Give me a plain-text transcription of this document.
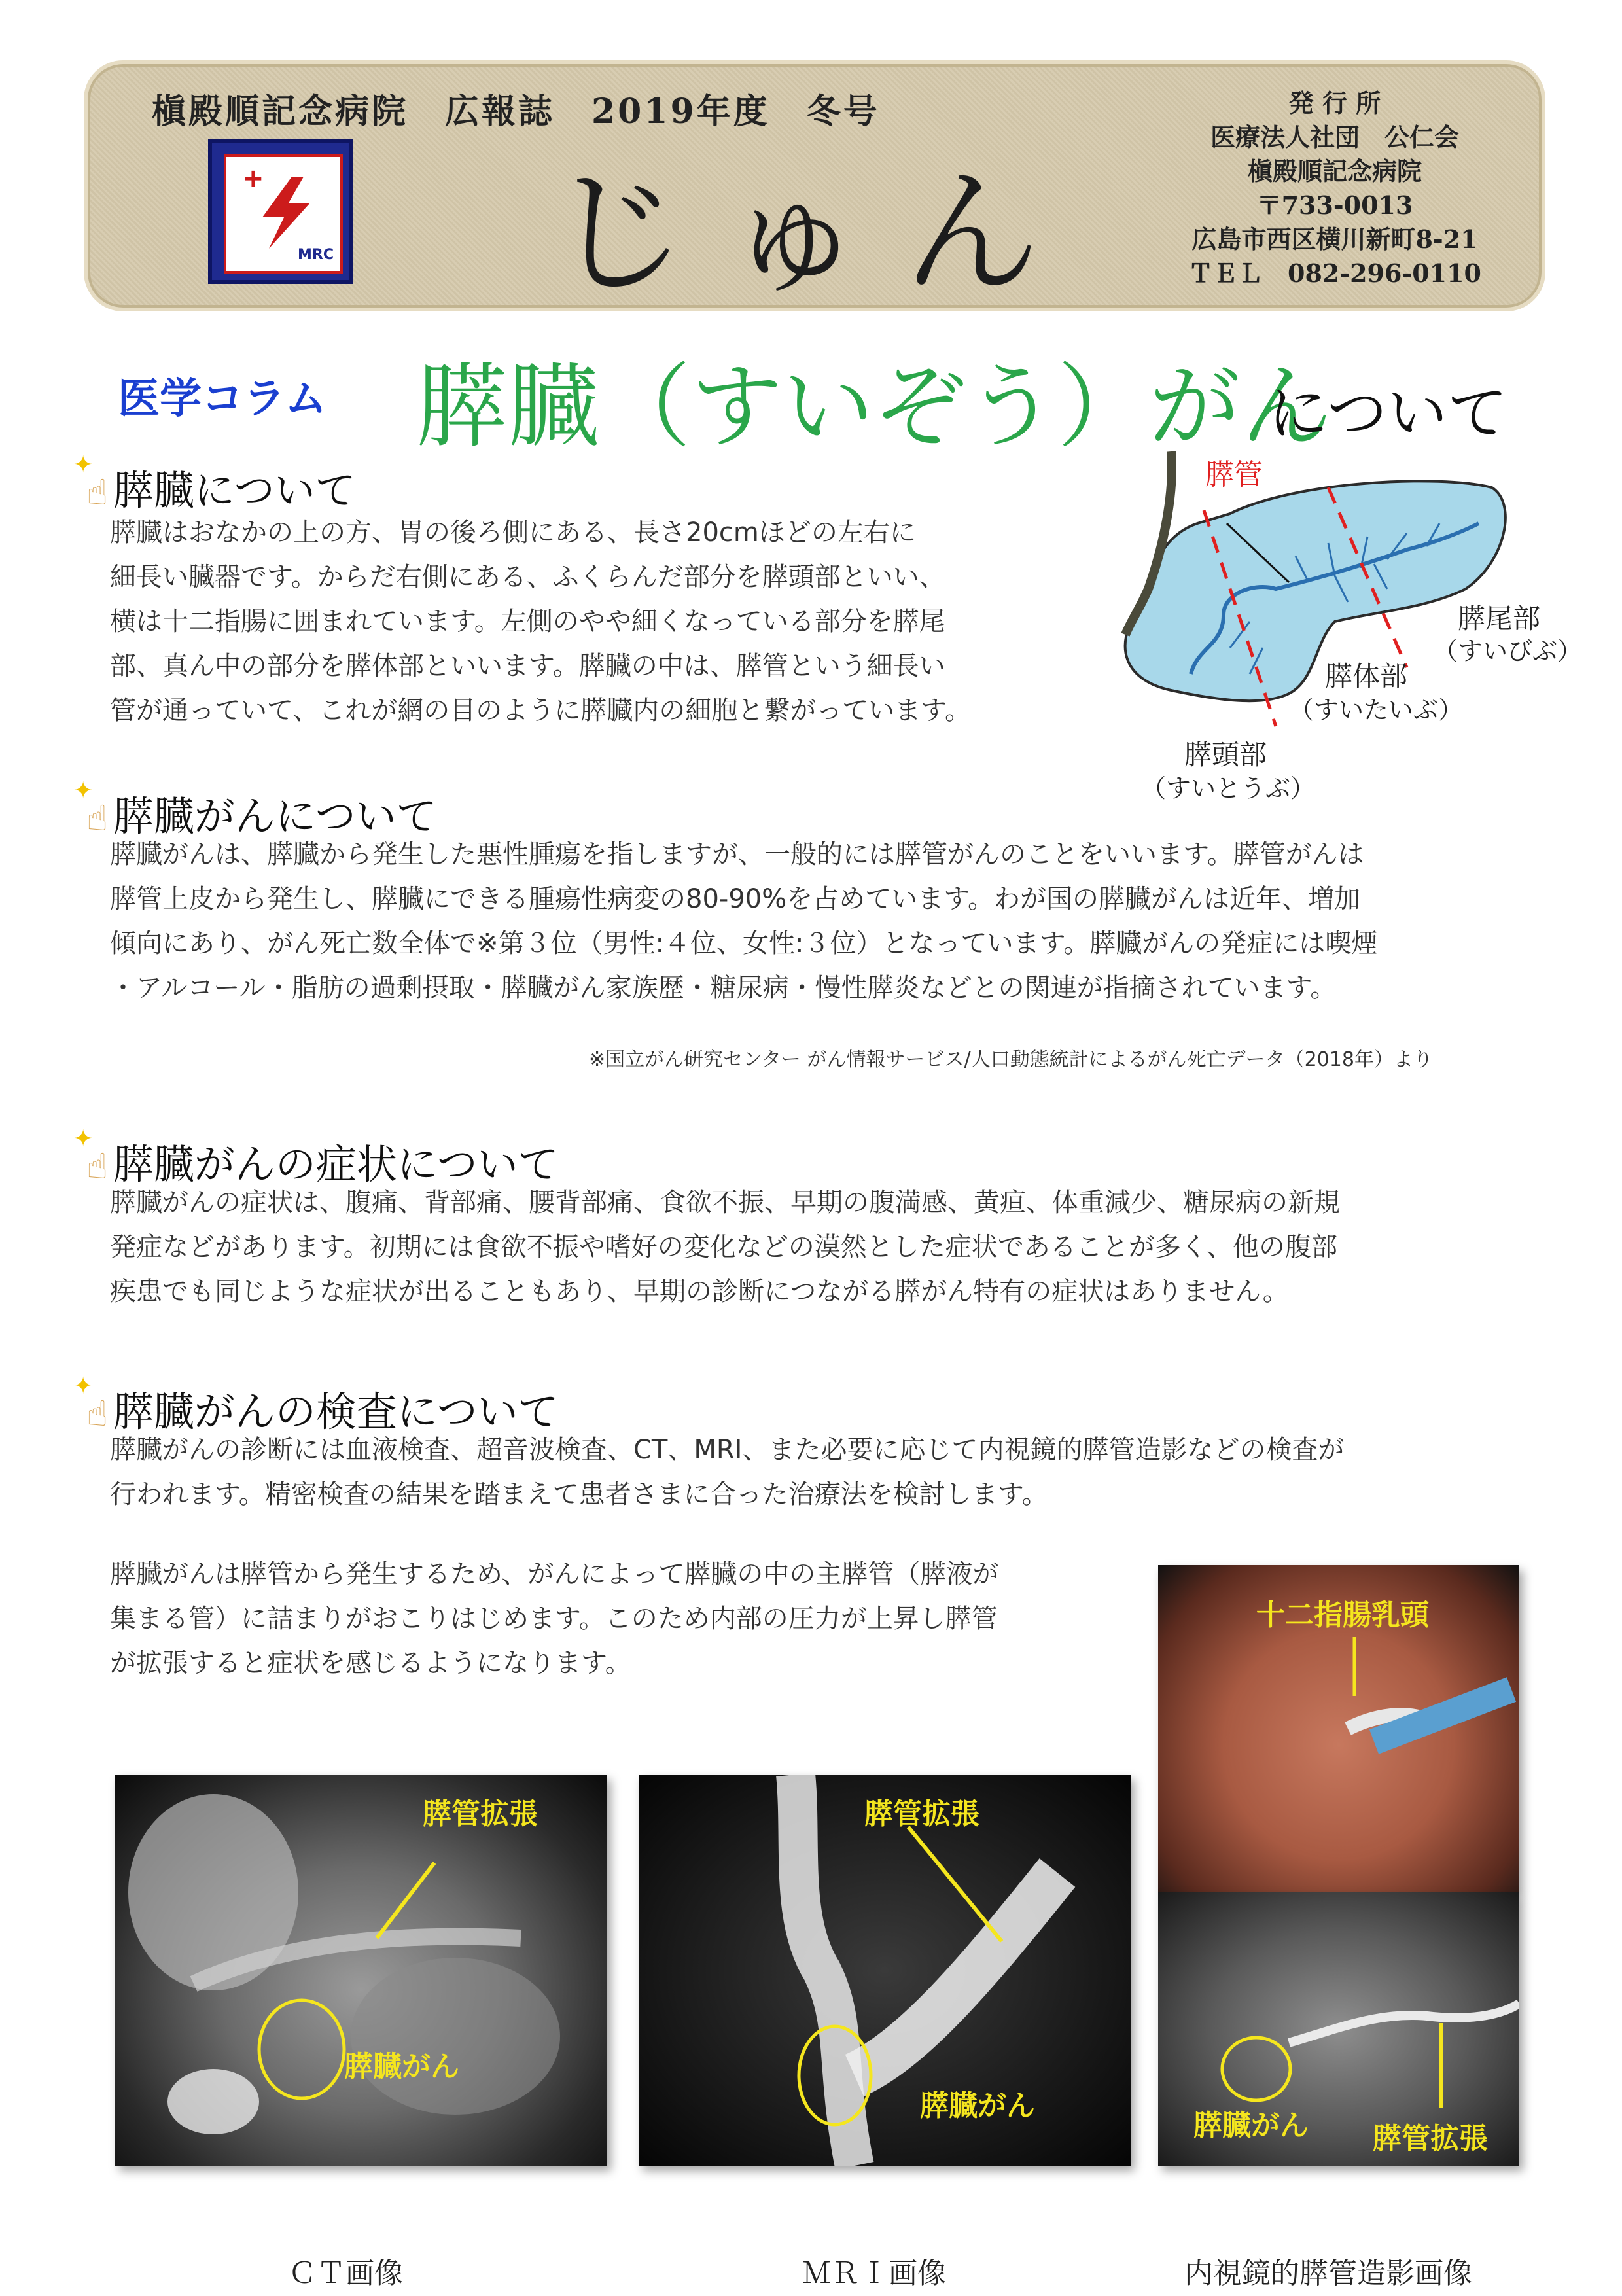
槇殿順記念病院　広報誌　2019年度　冬号
+
MRC じゅん
発 行 所
医療法人社団　公仁会
槇殿順記念病院
〒733-0013
広島市西区横川新町8-21
ＴＥＬ　082-296-0110
医学コラム 膵臓（すいぞう）がん
について
✦
☝ 膵臓について
膵臓はおなかの上の方、胃の後ろ側にある、長さ20cmほどの左右に
細長い臓器です。からだ右側にある、ふくらんだ部分を膵頭部といい、
横は十二指腸に囲まれています。左側のやや細くなっている部分を膵尾
部、真ん中の部分を膵体部といいます。膵臓の中は、膵管という細長い
管が通っていて、これが網の目のように膵臓内の細胞と繋がっています。
膵管
膵尾部
（すいびぶ）
膵体部
（すいたいぶ）
膵頭部
（すいとうぶ）
✦
☝ 膵臓がんについて
膵臓がんは、膵臓から発生した悪性腫瘍を指しますが、一般的には膵管がんのことをいいます。膵管がんは
膵管上皮から発生し、膵臓にできる腫瘍性病変の80-90%を占めています。わが国の膵臓がんは近年、増加
傾向にあり、がん死亡数全体で※第３位（男性:４位、女性:３位）となっています。膵臓がんの発症には喫煙
・アルコール・脂肪の過剰摂取・膵臓がん家族歴・糖尿病・慢性膵炎などとの関連が指摘されています。
※国立がん研究センター がん情報サービス/人口動態統計によるがん死亡データ（2018年）より
✦
☝ 膵臓がんの症状について
膵臓がんの症状は、腹痛、背部痛、腰背部痛、食欲不振、早期の腹満感、黄疸、体重減少、糖尿病の新規
発症などがあります。初期には食欲不振や嗜好の変化などの漠然とした症状であることが多く、他の腹部
疾患でも同じような症状が出ることもあり、早期の診断につながる膵がん特有の症状はありません。
✦
☝ 膵臓がんの検査について
膵臓がんの診断には血液検査、超音波検査、CT、MRI、また必要に応じて内視鏡的膵管造影などの検査が
行われます。精密検査の結果を踏まえて患者さまに合った治療法を検討します。
膵臓がんは膵管から発生するため、がんによって膵臓の中の主膵管（膵液が
集まる管）に詰まりがおこりはじめます。このため内部の圧力が上昇し膵管
が拡張すると症状を感じるようになります。
膵管拡張
膵臓がん
ＣＴ画像
膵管拡張
膵臓がん
ＭＲＩ画像
十二指腸乳頭
膵臓がん 膵管拡張
内視鏡的膵管造影画像
